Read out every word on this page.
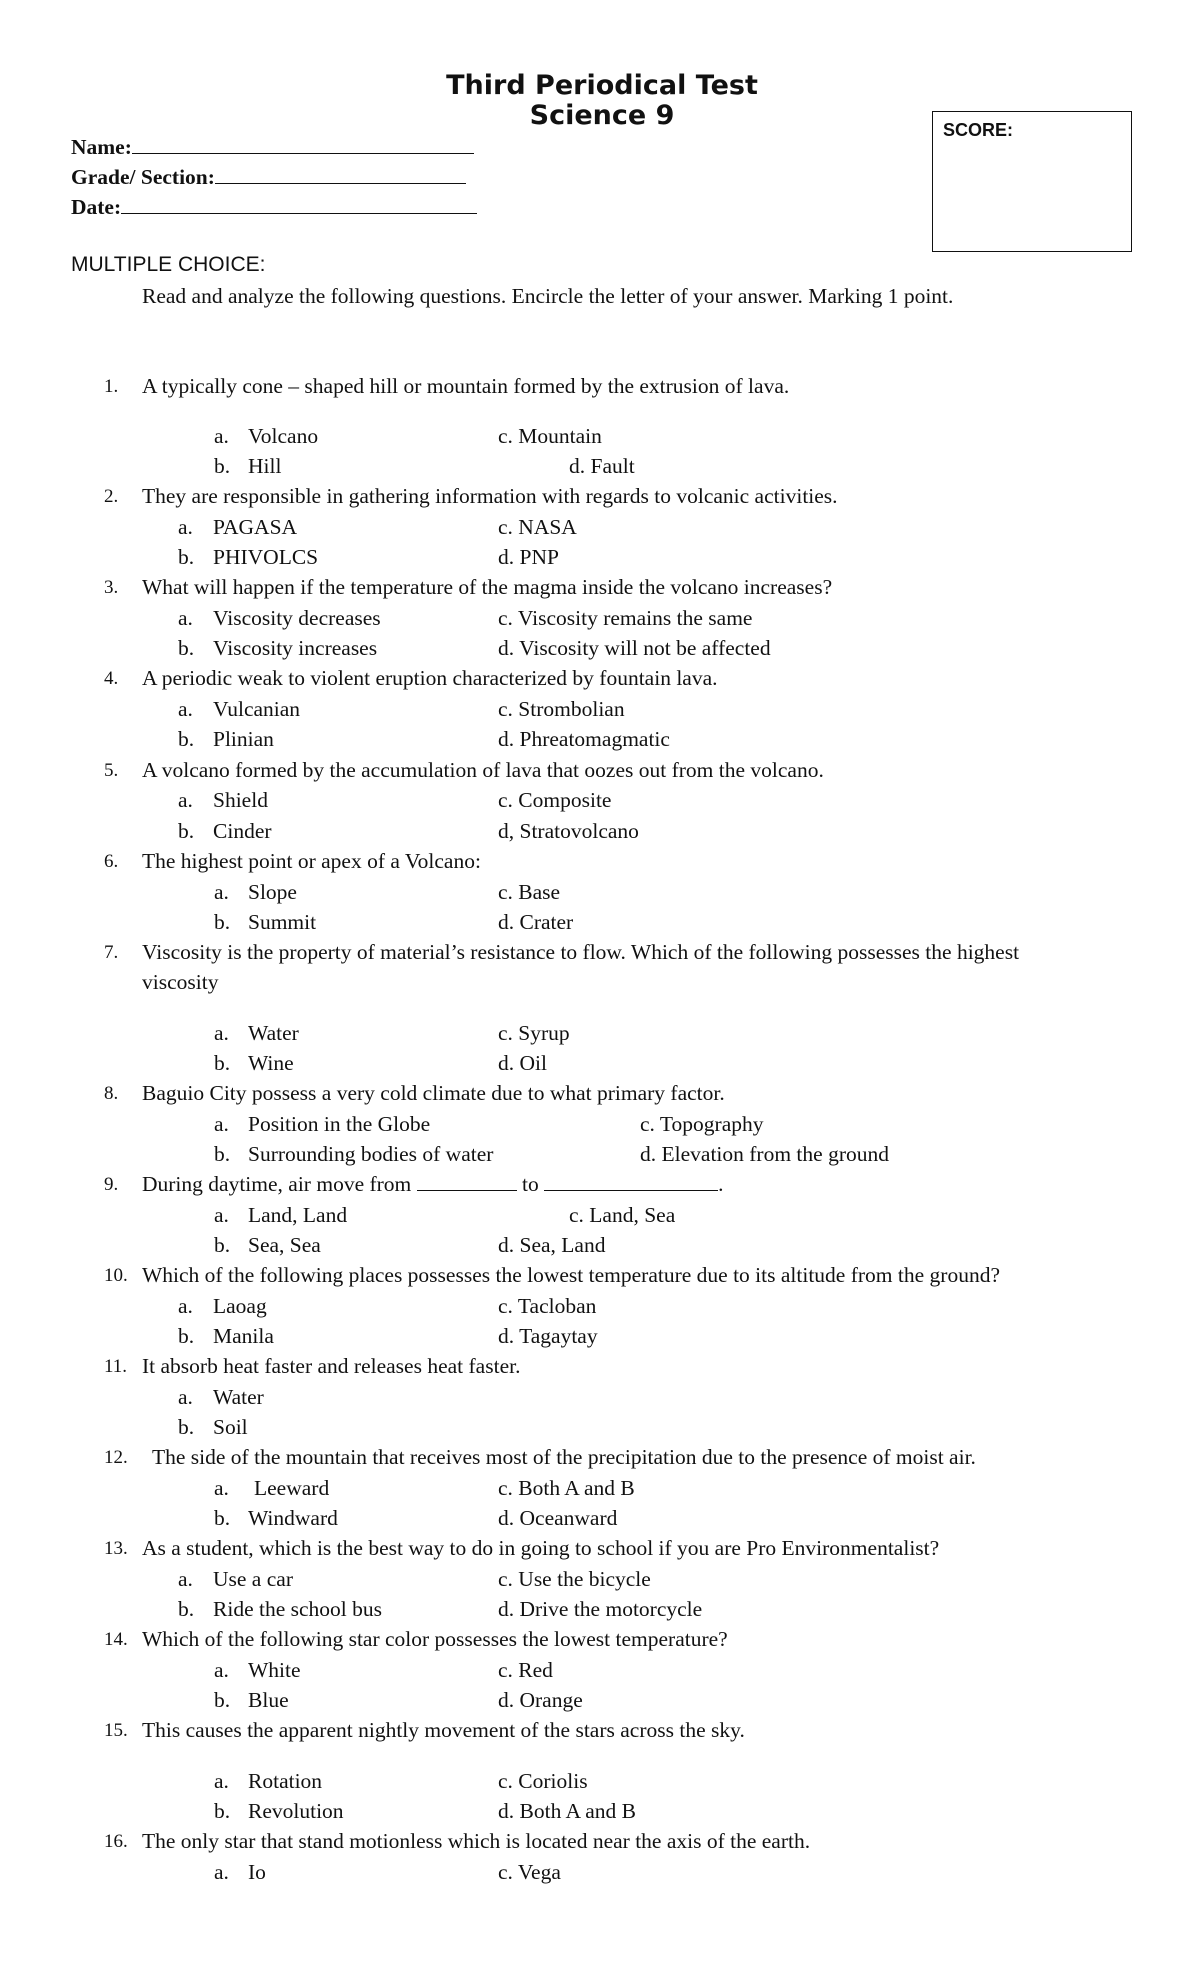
Third Periodical Test
Science 9
Name:
Grade/ Section:
Date:
SCORE:
MULTIPLE CHOICE:
Read and analyze the following questions. Encircle the letter of your answer. Marking 1 point.
1. A typically cone – shaped hill or mountain formed by the extrusion of lava.
a. Volcano	c. Mountain
b. Hill	d. Fault
2. They are responsible in gathering information with regards to volcanic activities.
a. PAGASA	c. NASA
b. PHIVOLCS	d. PNP
3. What will happen if the temperature of the magma inside the volcano increases?
a. Viscosity decreases	c. Viscosity remains the same
b. Viscosity increases	d. Viscosity will not be affected
4. A periodic weak to violent eruption characterized by fountain lava.
a. Vulcanian	c. Strombolian
b. Plinian	d. Phreatomagmatic
5. A volcano formed by the accumulation of lava that oozes out from the volcano.
a. Shield	c. Composite
b. Cinder	d, Stratovolcano
6. The highest point or apex of a Volcano:
a. Slope	c. Base
b. Summit	d. Crater
7. Viscosity is the property of material’s resistance to flow. Which of the following possesses the highest
viscosity
a. Water	c. Syrup
b. Wine	d. Oil
8. Baguio City possess a very cold climate due to what primary factor.
a. Position in the Globe	c. Topography
b. Surrounding bodies of water	d. Elevation from the ground
9. During daytime, air move from	to	.
a. Land, Land	c. Land, Sea
b. Sea, Sea	d. Sea, Land
10. Which of the following places possesses the lowest temperature due to its altitude from the ground?
a. Laoag	c. Tacloban
b. Manila	d. Tagaytay
11. It absorb heat faster and releases heat faster.
a. Water
b. Soil
12. The side of the mountain that receives most of the precipitation due to the presence of moist air.
a. Leeward	c. Both A and B
b. Windward	d. Oceanward
13. As a student, which is the best way to do in going to school if you are Pro Environmentalist?
a. Use a car	c. Use the bicycle
b. Ride the school bus	d. Drive the motorcycle
14. Which of the following star color possesses the lowest temperature?
a. White	c. Red
b. Blue	d. Orange
15. This causes the apparent nightly movement of the stars across the sky.
a. Rotation	c. Coriolis
b. Revolution	d. Both A and B
16. The only star that stand motionless which is located near the axis of the earth.
a. Io	c. Vega
